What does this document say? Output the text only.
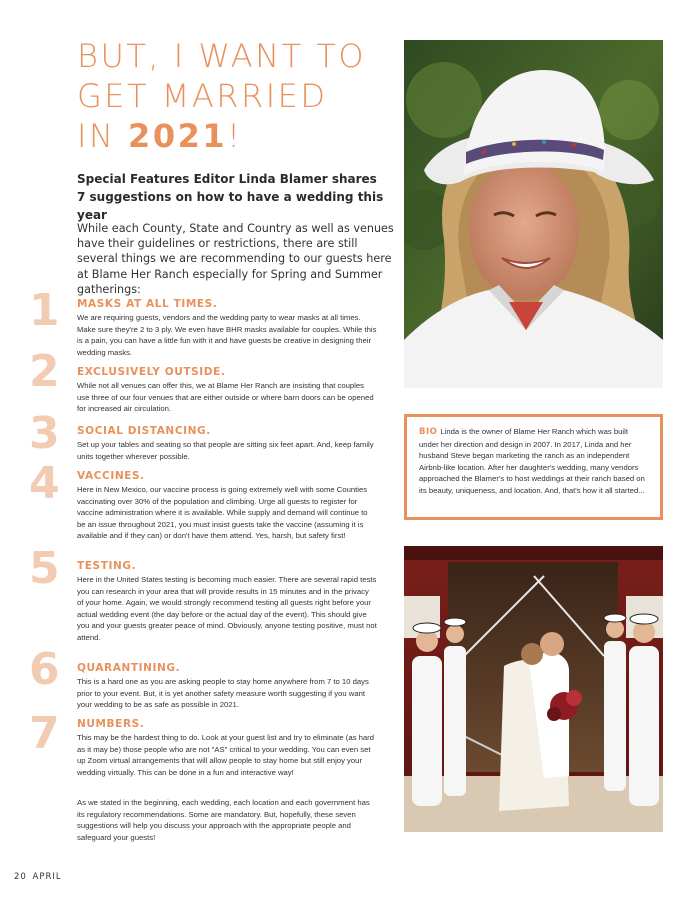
BUT, I WANT TO
GET MARRIED
IN 2021!

Special Features Editor Linda Blamer shares 7 suggestions on how to have a wedding this year

While each County, State and Country as well as venues have their guidelines or restrictions, there are still several things we are recommending to our guests here at Blame Her Ranch especially for Spring and Summer gatherings:

1	MASKS AT ALL TIMES.
We are requiring guests, vendors and the wedding party to wear masks at all times. Make sure they're 2 to 3 ply. We even have BHR masks available for couples. While this is a pain, you can have a little fun with it and have guests be creative in designing their wedding masks.
2	EXCLUSIVELY OUTSIDE.
While not all venues can offer this, we at Blame Her Ranch are insisting that couples use three of our four venues that are either outside or where barn doors can be opened for increased air circulation.
3	SOCIAL DISTANCING.
Set up your tables and seating so that people are sitting six feet apart. And, keep family units together wherever possible.
4	VACCINES.
Here in New Mexico, our vaccine process is going extremely well with some Counties vaccinating over 30% of the population and climbing. Urge all guests to register for vaccine administration where it is available. While supply and demand will continue to be an issue throughout 2021, you must insist guests take the vaccine (assuming it is available and if they can) or don't have them attend. Yes, harsh, but safety first!
5	TESTING.
Here in the United States testing is becoming much easier. There are several rapid tests you can research in your area that will provide results in 15 minutes and in the privacy of your home. Again, we would strongly recommend testing all guests right before your actual wedding event (the day before or the actual day of the event). This should give you and your guests greater peace of mind. Obviously, anyone testing positive, must not attend.
6	QUARANTINING.
This is a hard one as you are asking people to stay home anywhere from 7 to 10 days prior to your event. But, it is yet another safety measure worth suggesting if you want your wedding to be as safe as possible in 2021.
7	NUMBERS.
This may be the hardest thing to do. Look at your guest list and try to eliminate (as hard as it may be) those people who are not "AS" critical to your wedding. You can even set up Zoom virtual arrangements that will allow people to stay home but still enjoy your wedding virtually. This can be done in a fun and interactive way!

As we stated in the beginning, each wedding, each location and each government has its regulatory recommendations. Some are mandatory. But, hopefully, these seven suggestions will help you discuss your approach with the appropriate people and safeguard your guests!

BIO Linda is the owner of Blame Her Ranch which was built under her direction and design in 2007. In 2017, Linda and her husband Steve began marketing the ranch as an independent Airbnb-like location. After her daughter's wedding, many vendors approached the Blamer's to host weddings at their ranch based on its beauty, uniqueness, and location. And, that's how it all started...
20 APRIL
